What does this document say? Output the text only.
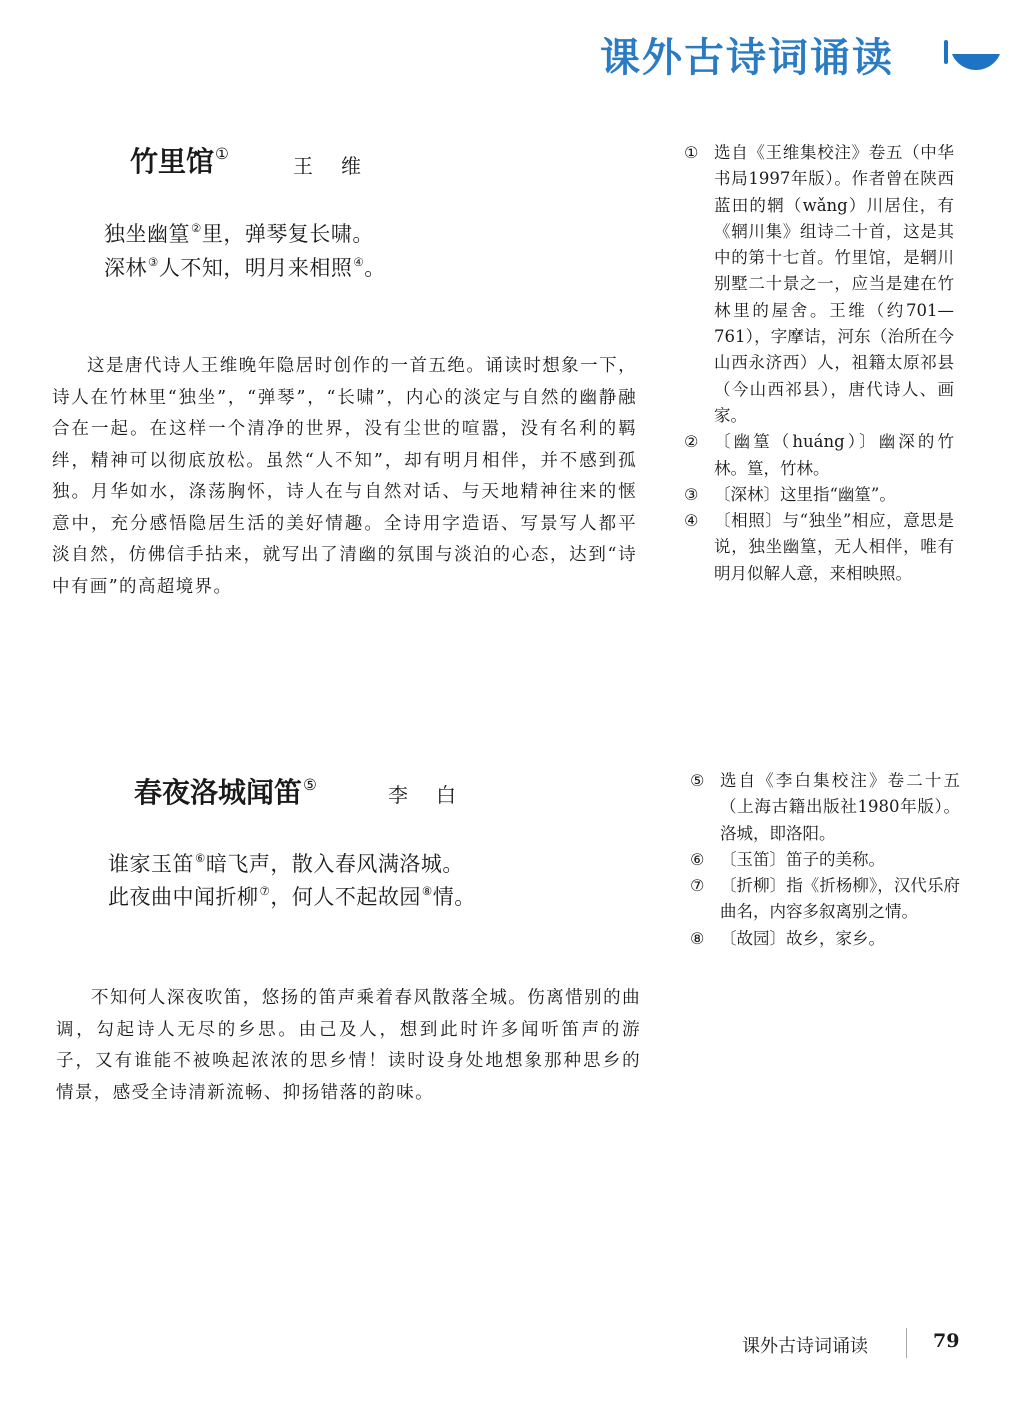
课外古诗词诵读
竹里馆①
王维
独坐幽篁②里，弹琴复长啸。
深林③人不知，明月来相照④。
这是唐代诗人王维晚年隐居时创作的一首五绝。诵读时想象一下，诗人在竹林里“独坐”，“弹琴”，“长啸”，内心的淡定与自然的幽静融合在一起。在这样一个清净的世界，没有尘世的喧嚣，没有名利的羁绊，精神可以彻底放松。虽然“人不知”，却有明月相伴，并不感到孤独。月华如水，涤荡胸怀，诗人在与自然对话、与天地精神往来的惬意中，充分感悟隐居生活的美好情趣。全诗用字造语、写景写人都平淡自然，仿佛信手拈来，就写出了清幽的氛围与淡泊的心态，达到“诗中有画”的高超境界。
① 选自《王维集校注》卷五（中华书局1997年版）。作者曾在陕西蓝田的辋（wǎng）川居住，有《辋川集》组诗二十首，这是其中的第十七首。竹里馆，是辋川别墅二十景之一，应当是建在竹林里的屋舍。王维（约701—761），字摩诘，河东（治所在今山西永济西）人，祖籍太原祁县（今山西祁县），唐代诗人、画家。
② 〔幽篁（huáng）〕幽深的竹林。篁，竹林。
③ 〔深林〕这里指“幽篁”。
④ 〔相照〕与“独坐”相应，意思是说，独坐幽篁，无人相伴，唯有明月似解人意，来相映照。
春夜洛城闻笛⑤	李白
谁家玉笛⑥暗飞声，散入春风满洛城。
此夜曲中闻折柳⑦，何人不起故园⑧情。
不知何人深夜吹笛，悠扬的笛声乘着春风散落全城。伤离惜别的曲调，勾起诗人无尽的乡思。由己及人，想到此时许多闻听笛声的游子，又有谁能不被唤起浓浓的思乡情！读时设身处地想象那种思乡的情景，感受全诗清新流畅、抑扬错落的韵味。
⑤ 选自《李白集校注》卷二十五（上海古籍出版社1980年版）。洛城，即洛阳。
⑥ 〔玉笛〕笛子的美称。
⑦ 〔折柳〕指《折杨柳》，汉代乐府曲名，内容多叙离别之情。
⑧ 〔故园〕故乡，家乡。
课外古诗词诵读	79
